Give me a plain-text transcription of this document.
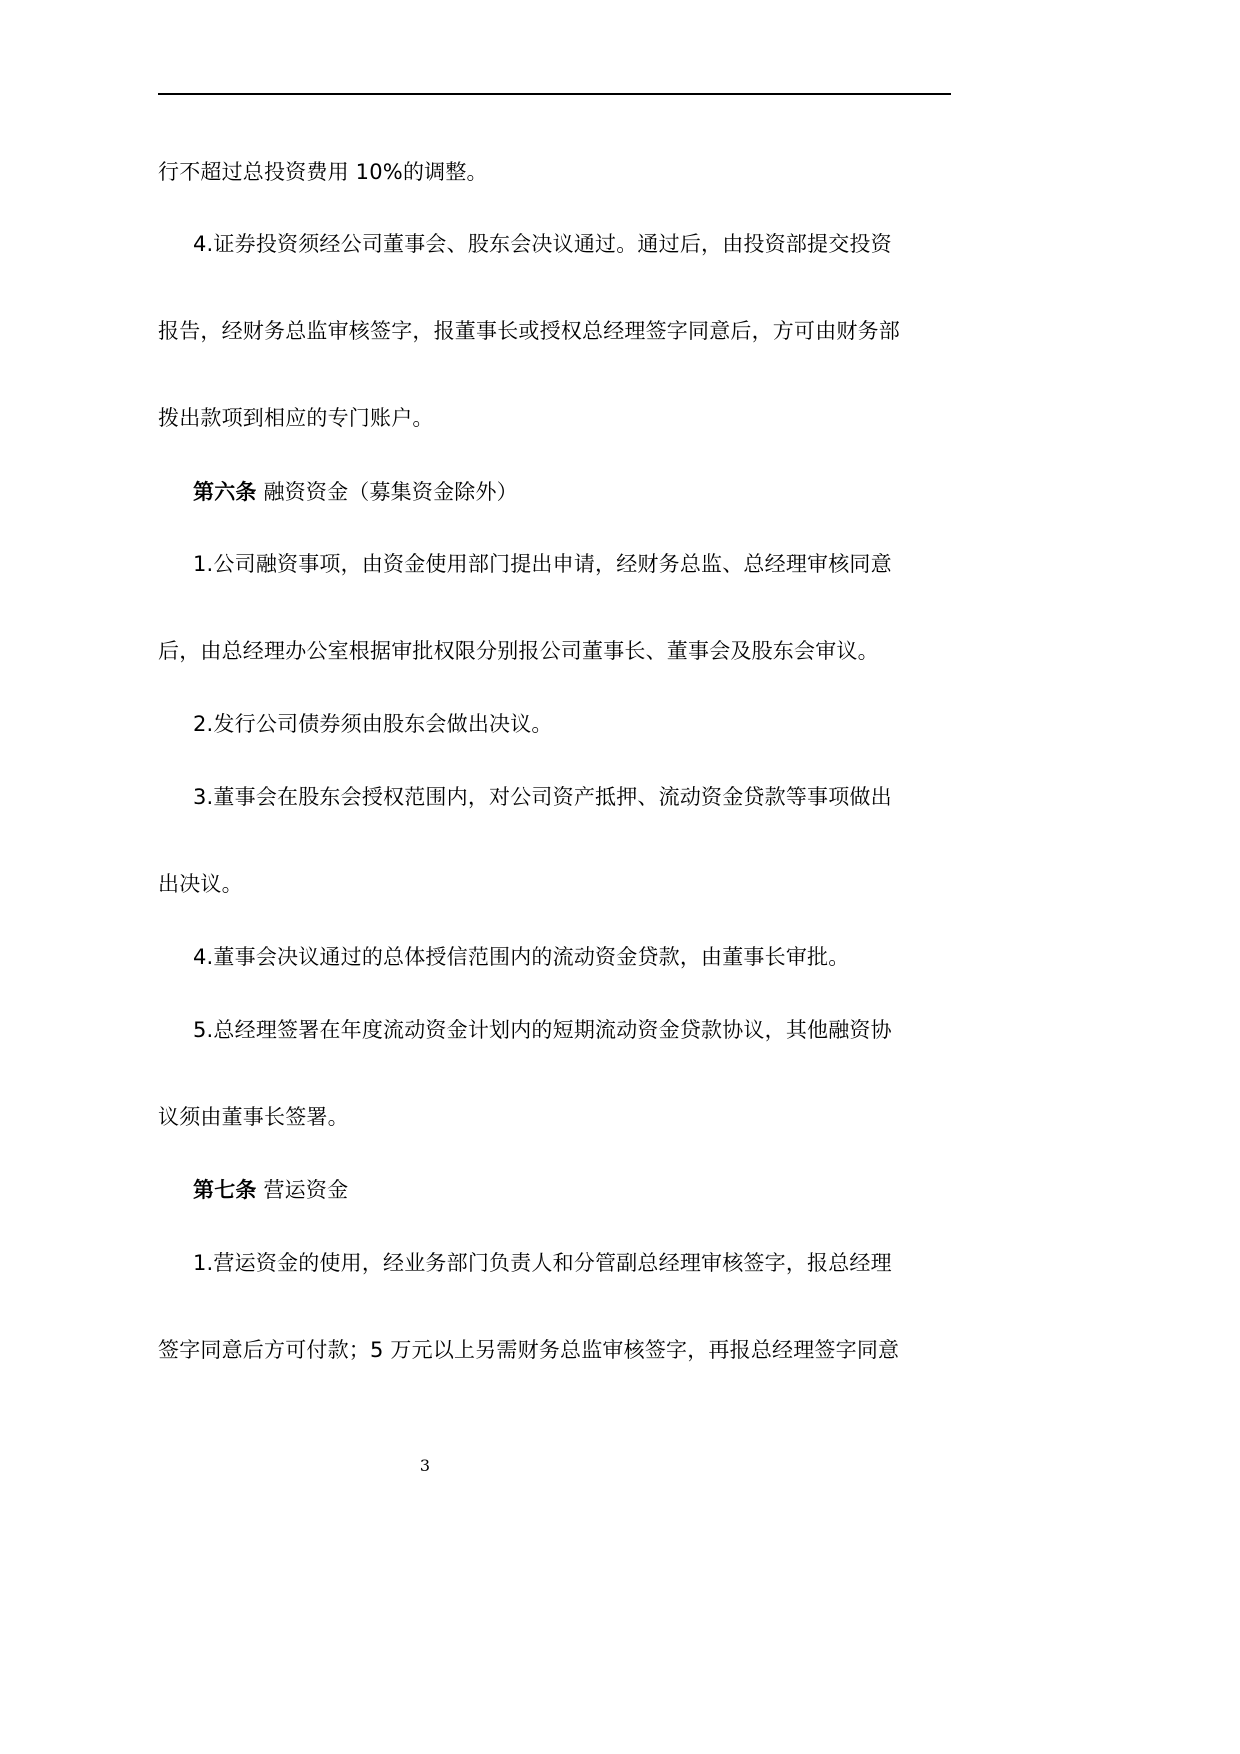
行不超过总投资费用 10%的调整。
4.证券投资须经公司董事会、股东会决议通过。通过后，由投资部提交投资
报告，经财务总监审核签字，报董事长或授权总经理签字同意后，方可由财务部
拨出款项到相应的专门账户。
第六条 融资资金（募集资金除外）
1.公司融资事项，由资金使用部门提出申请，经财务总监、总经理审核同意
后，由总经理办公室根据审批权限分别报公司董事长、董事会及股东会审议。
2.发行公司债券须由股东会做出决议。
3.董事会在股东会授权范围内，对公司资产抵押、流动资金贷款等事项做出
出决议。
4.董事会决议通过的总体授信范围内的流动资金贷款，由董事长审批。
5.总经理签署在年度流动资金计划内的短期流动资金贷款协议，其他融资协
议须由董事长签署。
第七条 营运资金
1.营运资金的使用，经业务部门负责人和分管副总经理审核签字，报总经理
签字同意后方可付款；5 万元以上另需财务总监审核签字，再报总经理签字同意
3
